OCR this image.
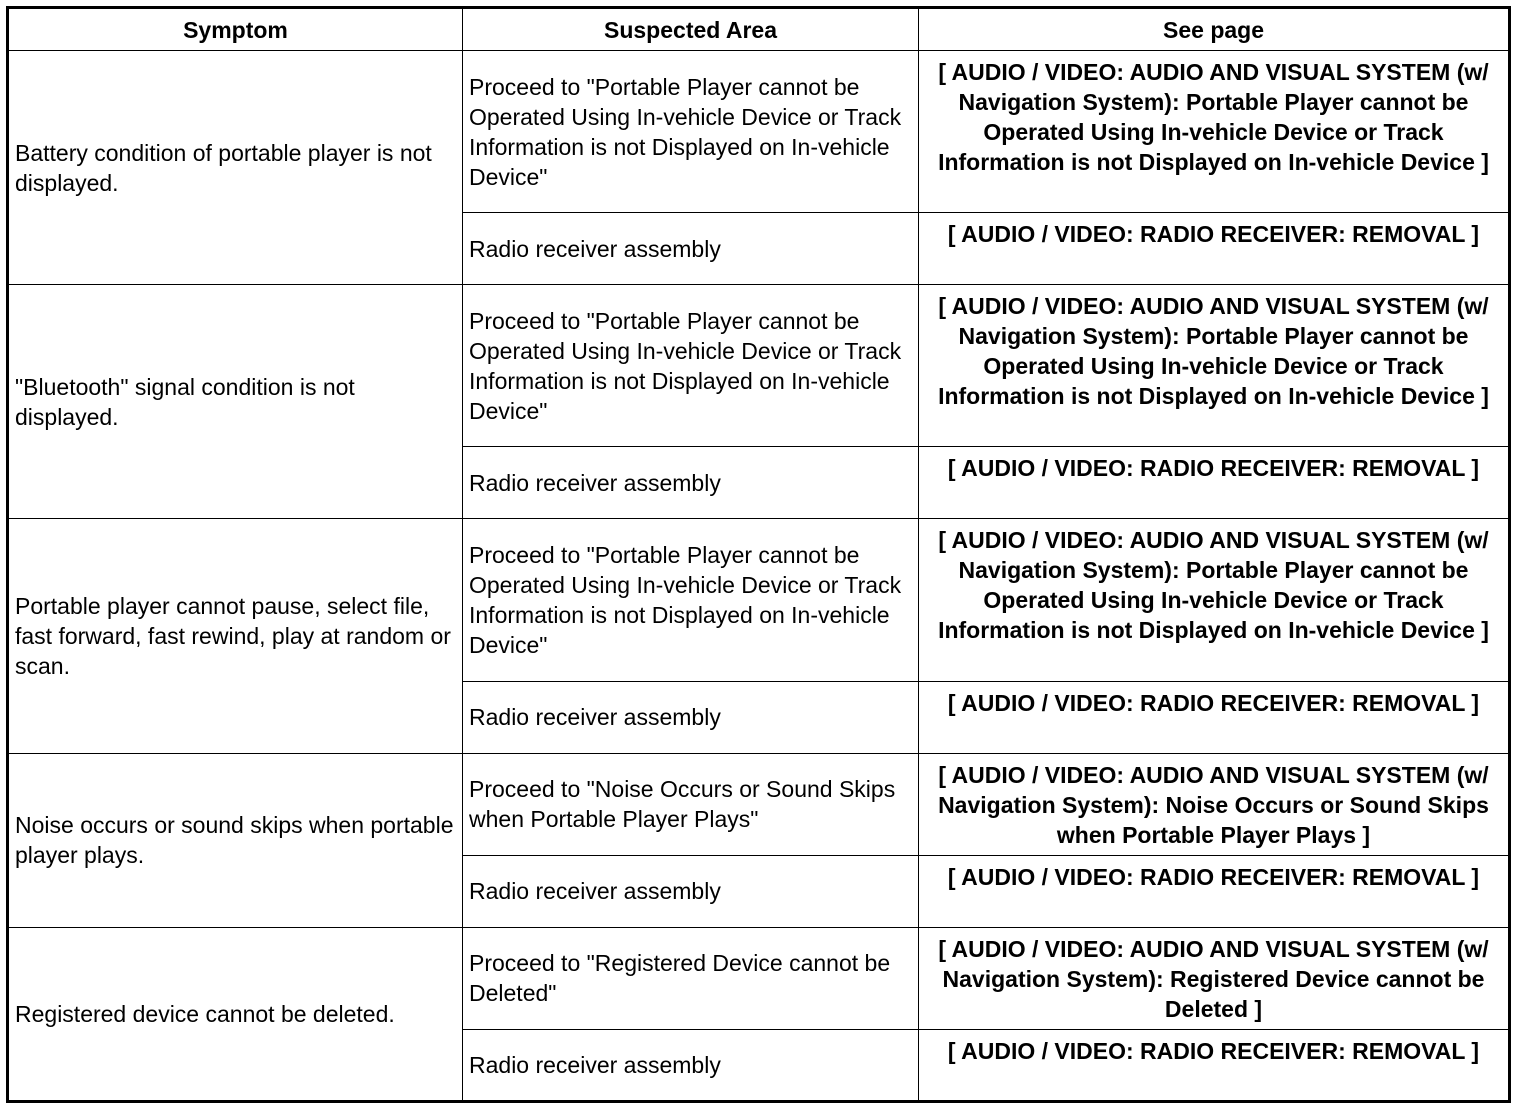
Symptom	Suspected Area	See page
Battery condition of portable player is not displayed.	Proceed to "Portable Player cannot be Operated Using In-vehicle Device or Track Information is not Displayed on In-vehicle Device"	[ AUDIO / VIDEO: AUDIO AND VISUAL SYSTEM (w/ Navigation System): Portable Player cannot be Operated Using In-vehicle Device or Track Information is not Displayed on In-vehicle Device ]
	Radio receiver assembly	[ AUDIO / VIDEO: RADIO RECEIVER: REMOVAL ]
"Bluetooth" signal condition is not displayed.	Proceed to "Portable Player cannot be Operated Using In-vehicle Device or Track Information is not Displayed on In-vehicle Device"	[ AUDIO / VIDEO: AUDIO AND VISUAL SYSTEM (w/ Navigation System): Portable Player cannot be Operated Using In-vehicle Device or Track Information is not Displayed on In-vehicle Device ]
	Radio receiver assembly	[ AUDIO / VIDEO: RADIO RECEIVER: REMOVAL ]
Portable player cannot pause, select file, fast forward, fast rewind, play at random or scan.	Proceed to "Portable Player cannot be Operated Using In-vehicle Device or Track Information is not Displayed on In-vehicle Device"	[ AUDIO / VIDEO: AUDIO AND VISUAL SYSTEM (w/ Navigation System): Portable Player cannot be Operated Using In-vehicle Device or Track Information is not Displayed on In-vehicle Device ]
	Radio receiver assembly	[ AUDIO / VIDEO: RADIO RECEIVER: REMOVAL ]
Noise occurs or sound skips when portable player plays.	Proceed to "Noise Occurs or Sound Skips when Portable Player Plays"	[ AUDIO / VIDEO: AUDIO AND VISUAL SYSTEM (w/ Navigation System): Noise Occurs or Sound Skips when Portable Player Plays ]
	Radio receiver assembly	[ AUDIO / VIDEO: RADIO RECEIVER: REMOVAL ]
Registered device cannot be deleted.	Proceed to "Registered Device cannot be Deleted"	[ AUDIO / VIDEO: AUDIO AND VISUAL SYSTEM (w/ Navigation System): Registered Device cannot be Deleted ]
	Radio receiver assembly	[ AUDIO / VIDEO: RADIO RECEIVER: REMOVAL ]
